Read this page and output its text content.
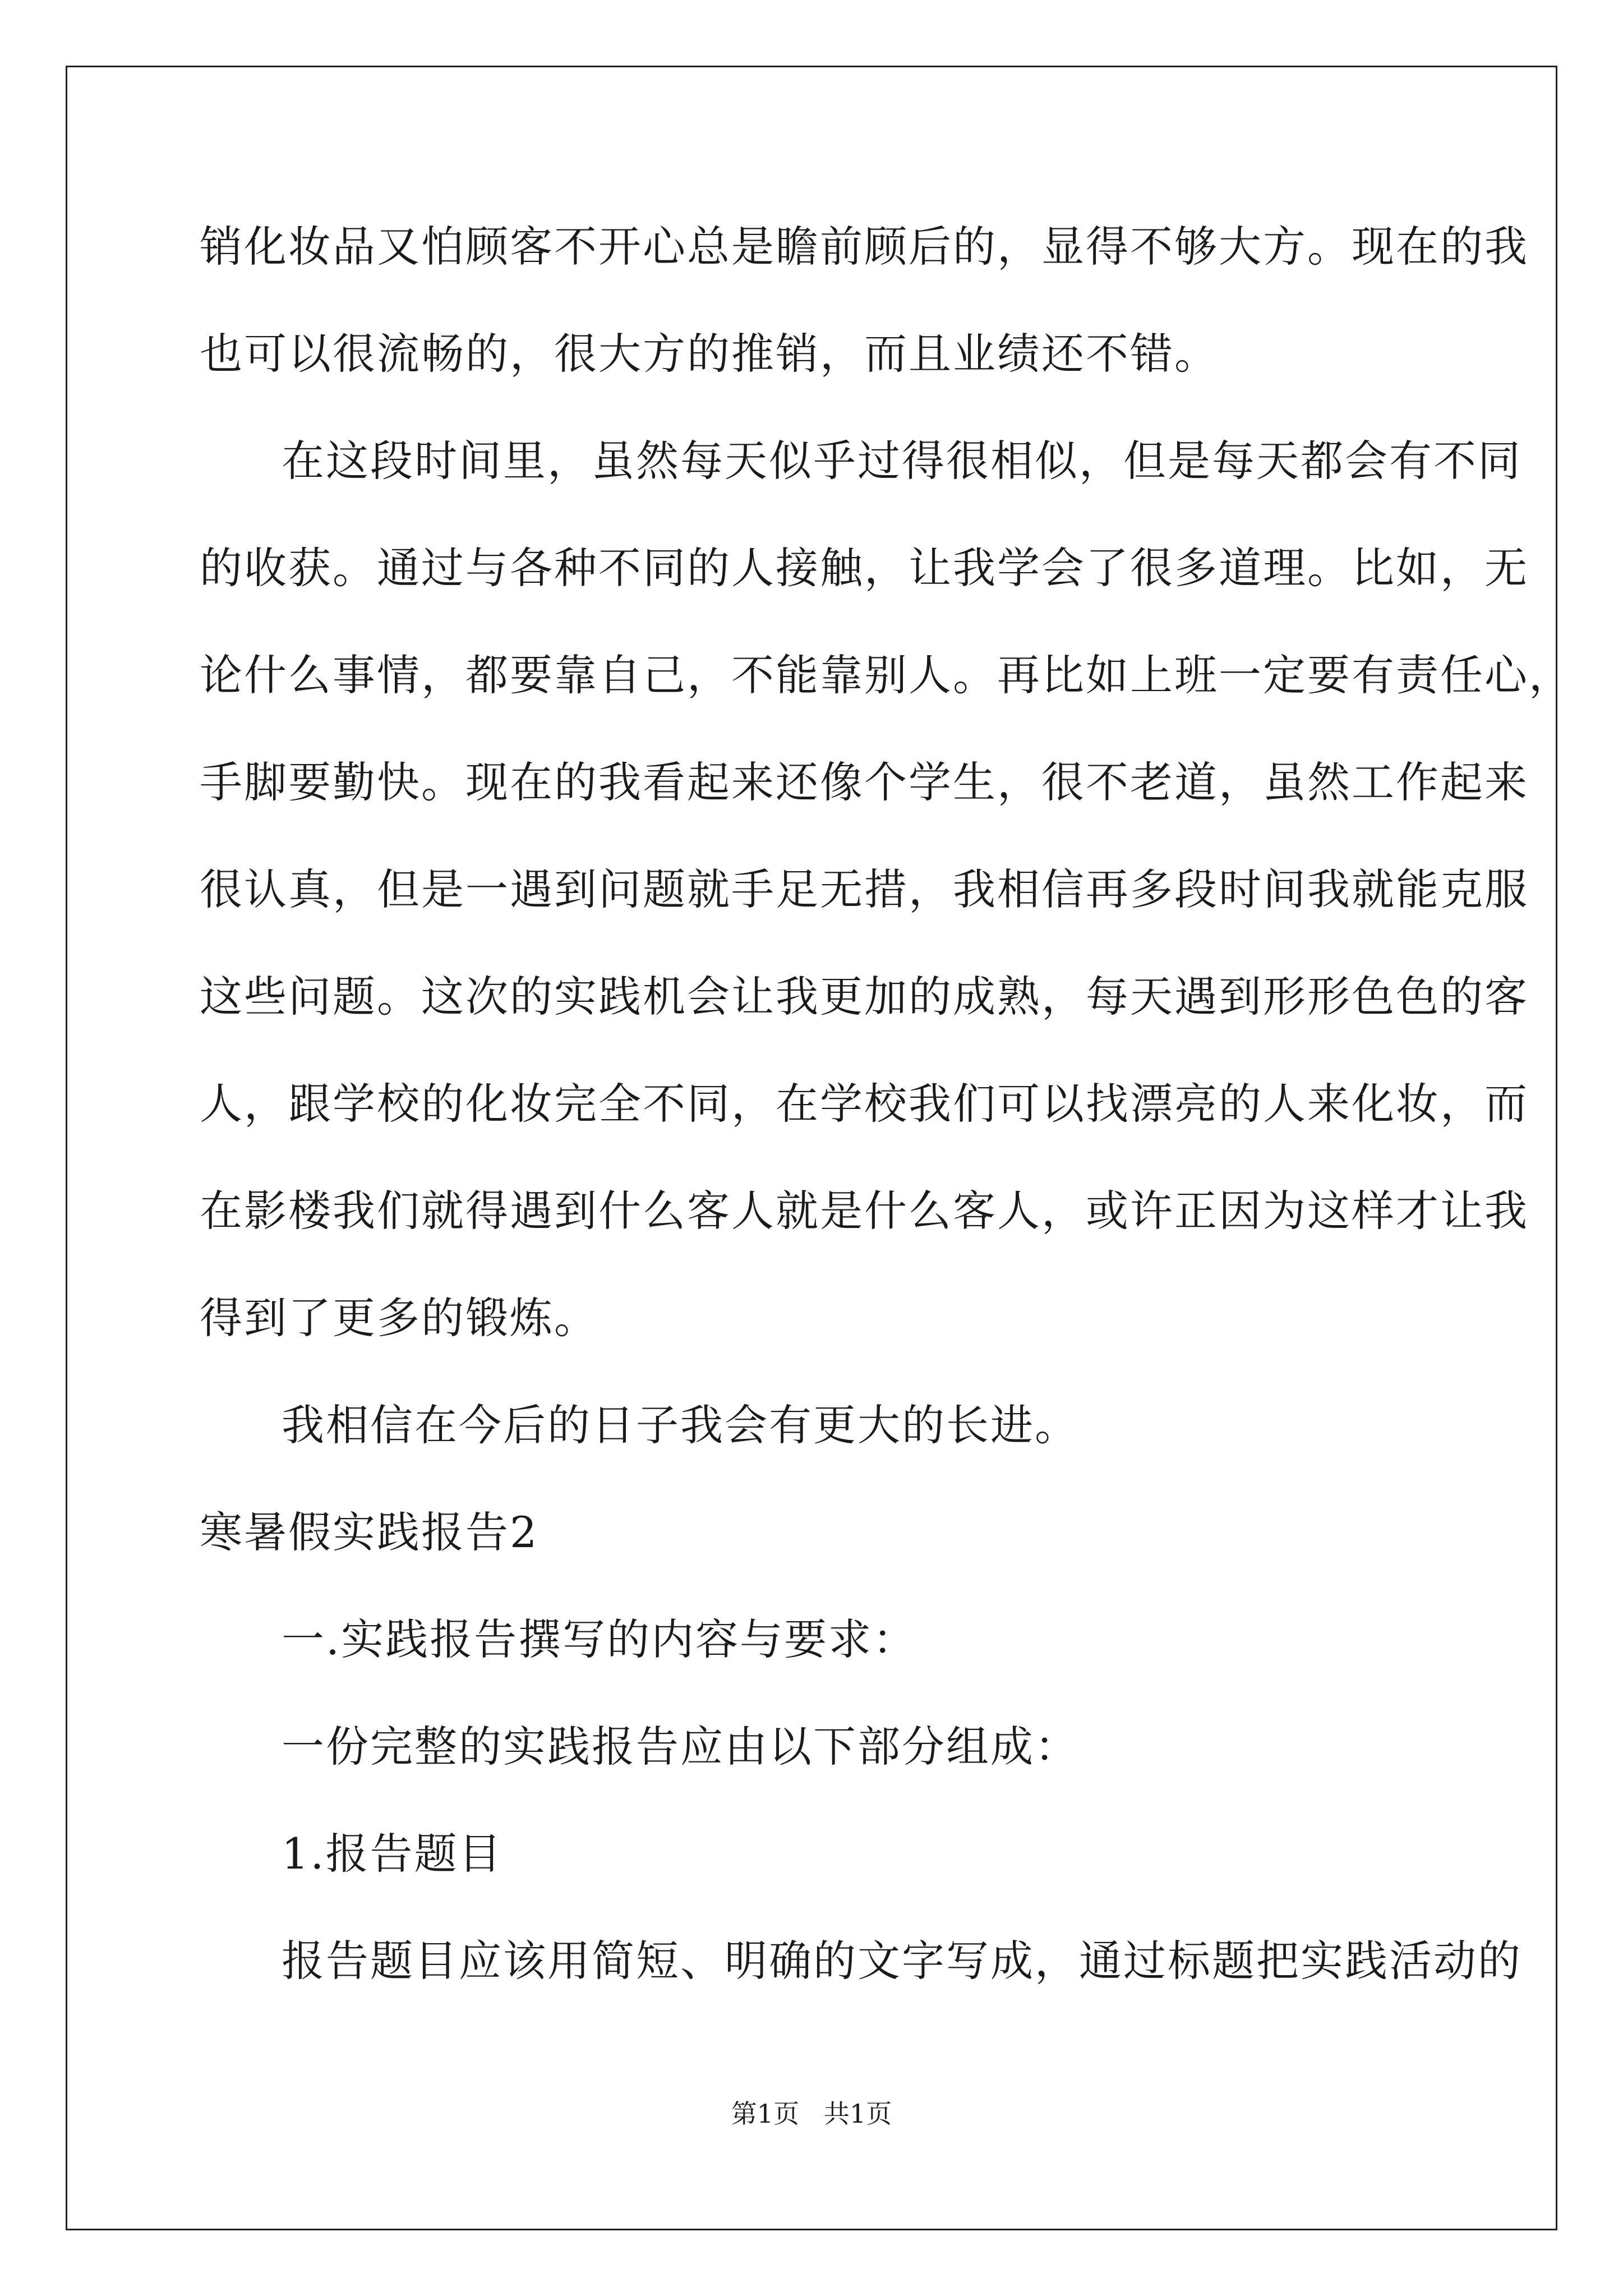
销化妆品又怕顾客不开心总是瞻前顾后的，显得不够大方。现在的我
也可以很流畅的，很大方的推销，而且业绩还不错。
在这段时间里，虽然每天似乎过得很相似，但是每天都会有不同
的收获。通过与各种不同的人接触，让我学会了很多道理。比如，无
论什么事情，都要靠自己，不能靠别人。再比如上班一定要有责任心，
手脚要勤快。现在的我看起来还像个学生，很不老道，虽然工作起来
很认真，但是一遇到问题就手足无措，我相信再多段时间我就能克服
这些问题。这次的实践机会让我更加的成熟，每天遇到形形色色的客
人，跟学校的化妆完全不同，在学校我们可以找漂亮的人来化妆，而
在影楼我们就得遇到什么客人就是什么客人，或许正因为这样才让我
得到了更多的锻炼。
我相信在今后的日子我会有更大的长进。
寒暑假实践报告2
一.实践报告撰写的内容与要求：
一份完整的实践报告应由以下部分组成：
1.报告题目
报告题目应该用简短、明确的文字写成，通过标题把实践活动的
第1页   共1页
